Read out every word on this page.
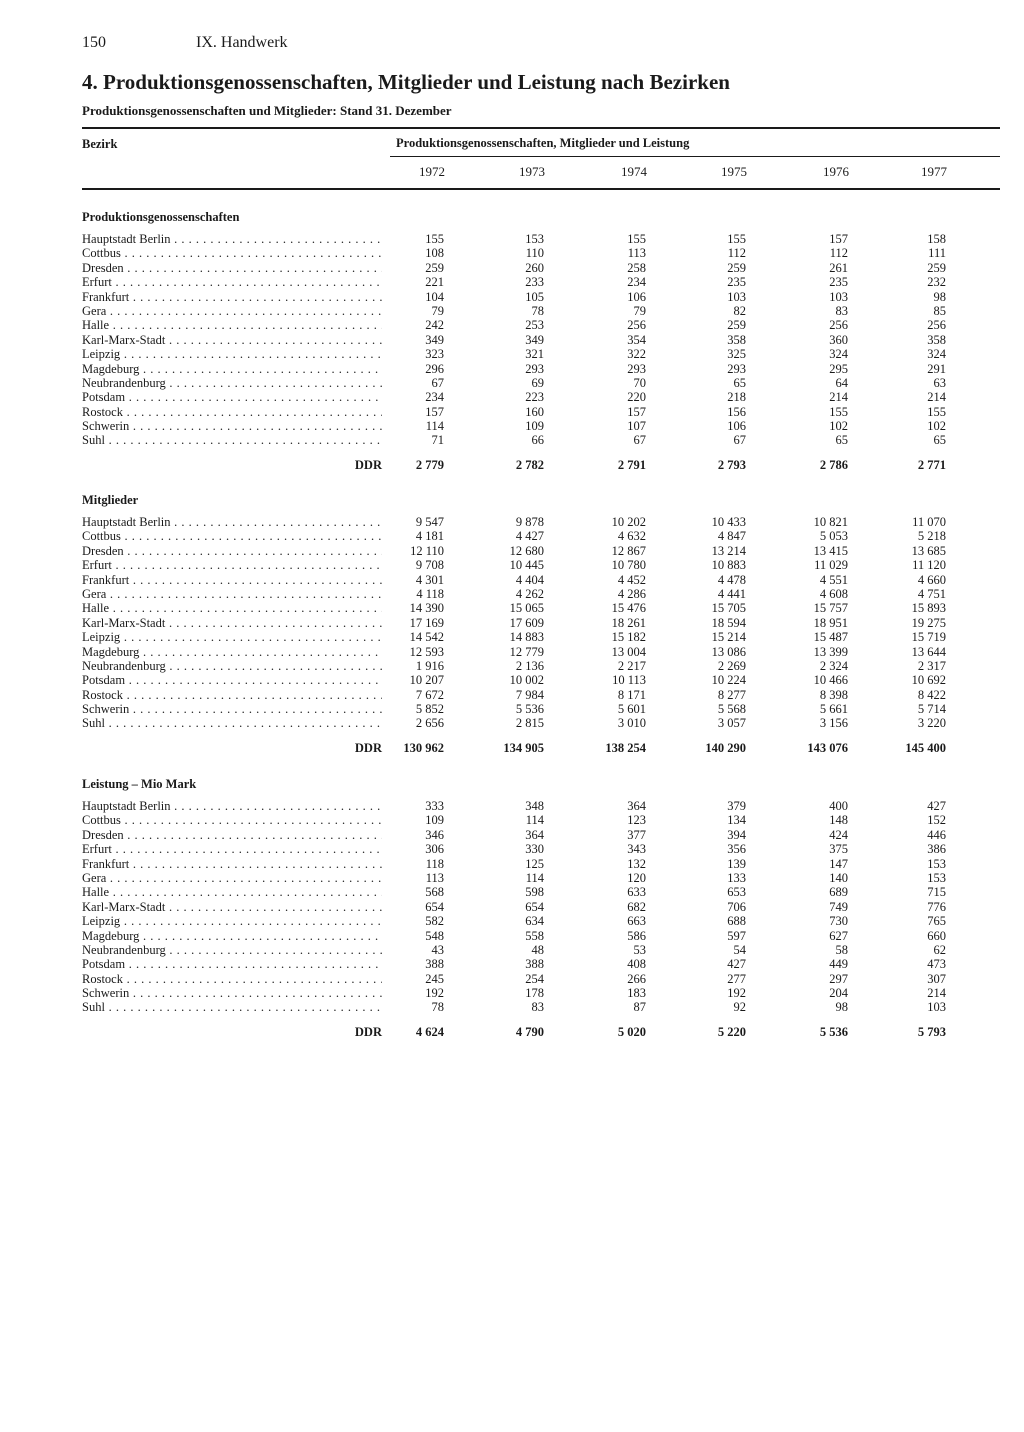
150	IX. Handwerk
4. Produktionsgenossenschaften, Mitglieder und Leistung nach Bezirken
Produktionsgenossenschaften und Mitglieder: Stand 31. Dezember
Bezirk	Produktionsgenossenschaften, Mitglieder und Leistung
1972	1973	1974	1975	1976	1977
Produktionsgenossenschaften
Hauptstadt Berlin . . .	155	153	155	155	157	158
Cottbus . . .	108	110	113	112	112	111
Dresden . . .	259	260	258	259	261	259
Erfurt . . .	221	233	234	235	235	232
Frankfurt . . .	104	105	106	103	103	98
Gera . . .	79	78	79	82	83	85
Halle . . .	242	253	256	259	256	256
Karl-Marx-Stadt . . .	349	349	354	358	360	358
Leipzig . . .	323	321	322	325	324	324
Magdeburg . . .	296	293	293	293	295	291
Neubrandenburg . . .	67	69	70	65	64	63
Potsdam . . .	234	223	220	218	214	214
Rostock . . .	157	160	157	156	155	155
Schwerin . . .	114	109	107	106	102	102
Suhl . . .	71	66	67	67	65	65
DDR	2 779	2 782	2 791	2 793	2 786	2 771
Mitglieder
Hauptstadt Berlin . . .	9 547	9 878	10 202	10 433	10 821	11 070
Cottbus . . .	4 181	4 427	4 632	4 847	5 053	5 218
Dresden . . .	12 110	12 680	12 867	13 214	13 415	13 685
Erfurt . . .	9 708	10 445	10 780	10 883	11 029	11 120
Frankfurt . . .	4 301	4 404	4 452	4 478	4 551	4 660
Gera . . .	4 118	4 262	4 286	4 441	4 608	4 751
Halle . . .	14 390	15 065	15 476	15 705	15 757	15 893
Karl-Marx-Stadt . . .	17 169	17 609	18 261	18 594	18 951	19 275
Leipzig . . .	14 542	14 883	15 182	15 214	15 487	15 719
Magdeburg . . .	12 593	12 779	13 004	13 086	13 399	13 644
Neubrandenburg . . .	1 916	2 136	2 217	2 269	2 324	2 317
Potsdam . . .	10 207	10 002	10 113	10 224	10 466	10 692
Rostock . . .	7 672	7 984	8 171	8 277	8 398	8 422
Schwerin . . .	5 852	5 536	5 601	5 568	5 661	5 714
Suhl . . .	2 656	2 815	3 010	3 057	3 156	3 220
DDR	130 962	134 905	138 254	140 290	143 076	145 400
Leistung – Mio Mark
Hauptstadt Berlin . . .	333	348	364	379	400	427
Cottbus . . .	109	114	123	134	148	152
Dresden . . .	346	364	377	394	424	446
Erfurt . . .	306	330	343	356	375	386
Frankfurt . . .	118	125	132	139	147	153
Gera . . .	113	114	120	133	140	153
Halle . . .	568	598	633	653	689	715
Karl-Marx-Stadt . . .	654	654	682	706	749	776
Leipzig . . .	582	634	663	688	730	765
Magdeburg . . .	548	558	586	597	627	660
Neubrandenburg . . .	43	48	53	54	58	62
Potsdam . . .	388	388	408	427	449	473
Rostock . . .	245	254	266	277	297	307
Schwerin . . .	192	178	183	192	204	214
Suhl . . .	78	83	87	92	98	103
DDR	4 624	4 790	5 020	5 220	5 536	5 793
